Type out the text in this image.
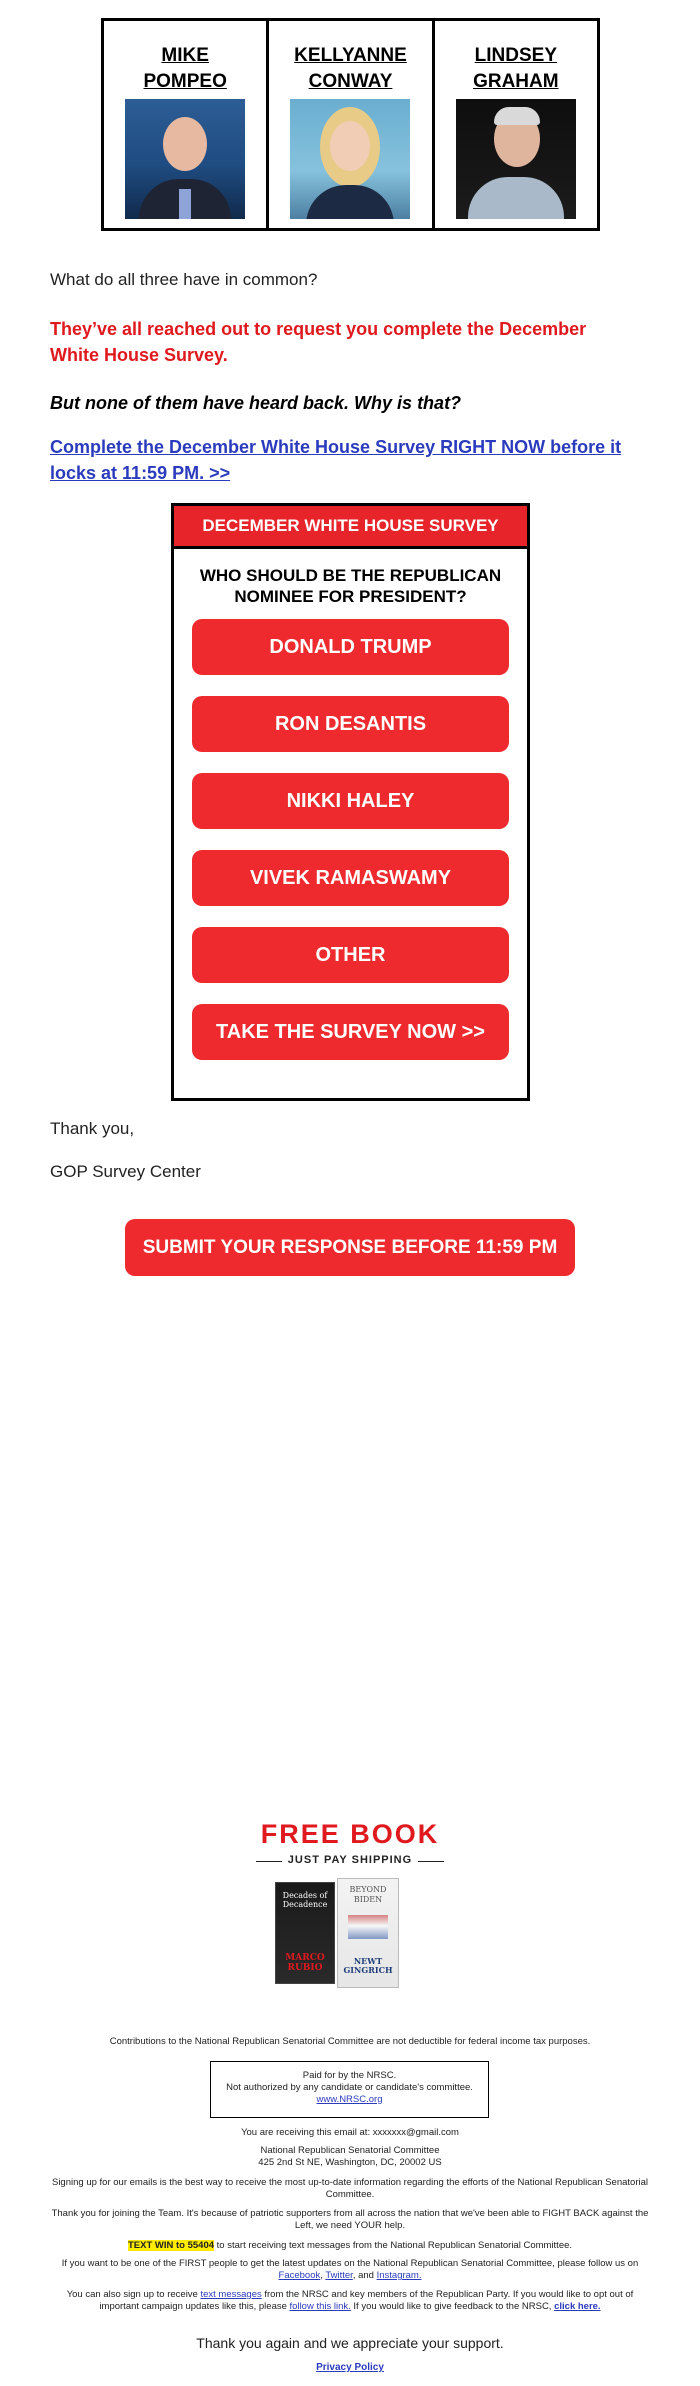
MIKE
POMPEO
KELLYANNE
CONWAY
LINDSEY
GRAHAM
What do all three have in common?
They’ve all reached out to request you complete the December White House Survey.
But none of them have heard back. Why is that?
Complete the December White House Survey RIGHT NOW before it locks at 11:59 PM. >>
DECEMBER WHITE HOUSE SURVEY
WHO SHOULD BE THE REPUBLICAN NOMINEE FOR PRESIDENT?
DONALD TRUMP
RON DESANTIS
NIKKI HALEY
VIVEK RAMASWAMY
OTHER
TAKE THE SURVEY NOW >>
Thank you,
GOP Survey Center
SUBMIT YOUR RESPONSE BEFORE 11:59 PM
FREE BOOK
JUST PAY SHIPPING
Decades of Decadence
MARCO RUBIO
BEYOND BIDEN
NEWT GINGRICH
Contributions to the National Republican Senatorial Committee are not deductible for federal income tax purposes.
Paid for by the NRSC.
Not authorized by any candidate or candidate's committee.
www.NRSC.org
You are receiving this email at: xxxxxxx@gmail.com
National Republican Senatorial Committee
425 2nd St NE, Washington, DC, 20002 US
Signing up for our emails is the best way to receive the most up-to-date information regarding the efforts of the National Republican Senatorial Committee.
Thank you for joining the Team. It's because of patriotic supporters from all across the nation that we've been able to FIGHT BACK against the Left, we need YOUR help.
TEXT WIN to 55404 to start receiving text messages from the National Republican Senatorial Committee.
If you want to be one of the FIRST people to get the latest updates on the National Republican Senatorial Committee, please follow us on Facebook, Twitter, and Instagram.
You can also sign up to receive text messages from the NRSC and key members of the Republican Party. If you would like to opt out of important campaign updates like this, please follow this link. If you would like to give feedback to the NRSC, click here.
Thank you again and we appreciate your support.
Privacy Policy
